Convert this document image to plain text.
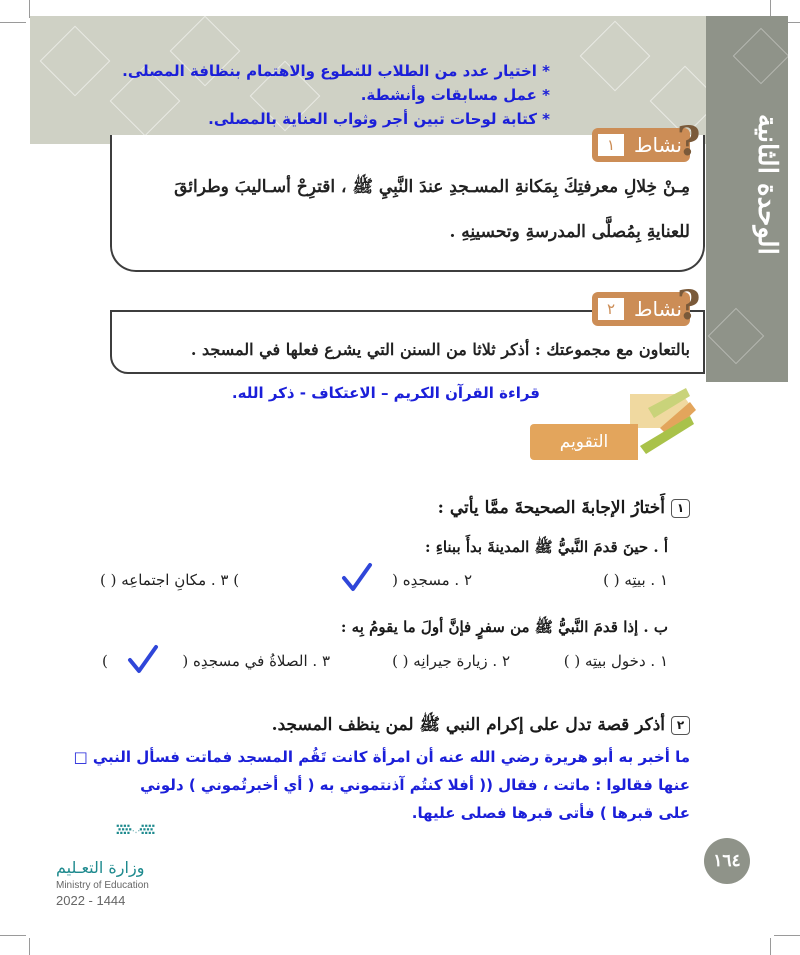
الوحدة الثانية
* اختيار عدد من الطلاب للتطوع والاهتمام بنظافة المصلى.
* عمل مسابقات وأنشطة.
* كتابة لوحات تبين أجر وثواب العناية بالمصلى.
نشاط
١ ?
مِـنْ خِلالِ معرفتِكَ بِمَكانةِ المسـجدِ عندَ النَّبِيِ ﷺ ، اقترِحْ أسـاليبَ وطرائقَ
للعنايةِ بِمُصلَّى المدرسةِ وتحسينِهِ .
نشاط
٢ ?
بالتعاون مع مجموعتك : أذكر ثلاثا من السنن التي يشرع فعلها في المسجد .
قراءة القرآن الكريم – الاعتكاف - ذكر الله.
التقويم
١أَختارُ الإجابةَ الصحيحةَ ممَّا يأتي :
أ . حينَ قدمَ النَّبيُّ ﷺ المدينةَ بدأَ ببناءِ :
١ . بيتِه ( )
٢ . مسجدِه (
) ٣ . مكانِ اجتماعِه ( )
ب . إذا قدمَ النَّبيُّ ﷺ من سفرٍ فإنَّ أولَ ما يقومُ بِه :
١ . دخول بيتِه ( )
٢ . زيارة جيرانِه ( )
٣ . الصلاةُ في مسجدِه (
)
٢أذكر قصة تدل على إكرام النبي ﷺ لمن ينظف المسجد.
ما أخبر به أبو هريرة رضي الله عنه أن امرأة كانت تَقُم المسجد فماتت فسأل النبي □
عنها فقالوا : ماتت ، فقال (( أفلا كنتُم آذنتموني به ( أي أخبرتُموني ) دلوني
على قبرها ) فأتى قبرها فصلى عليها.
١٦٤
وزارة التعـليم
Ministry of Education
2022 - 1444
